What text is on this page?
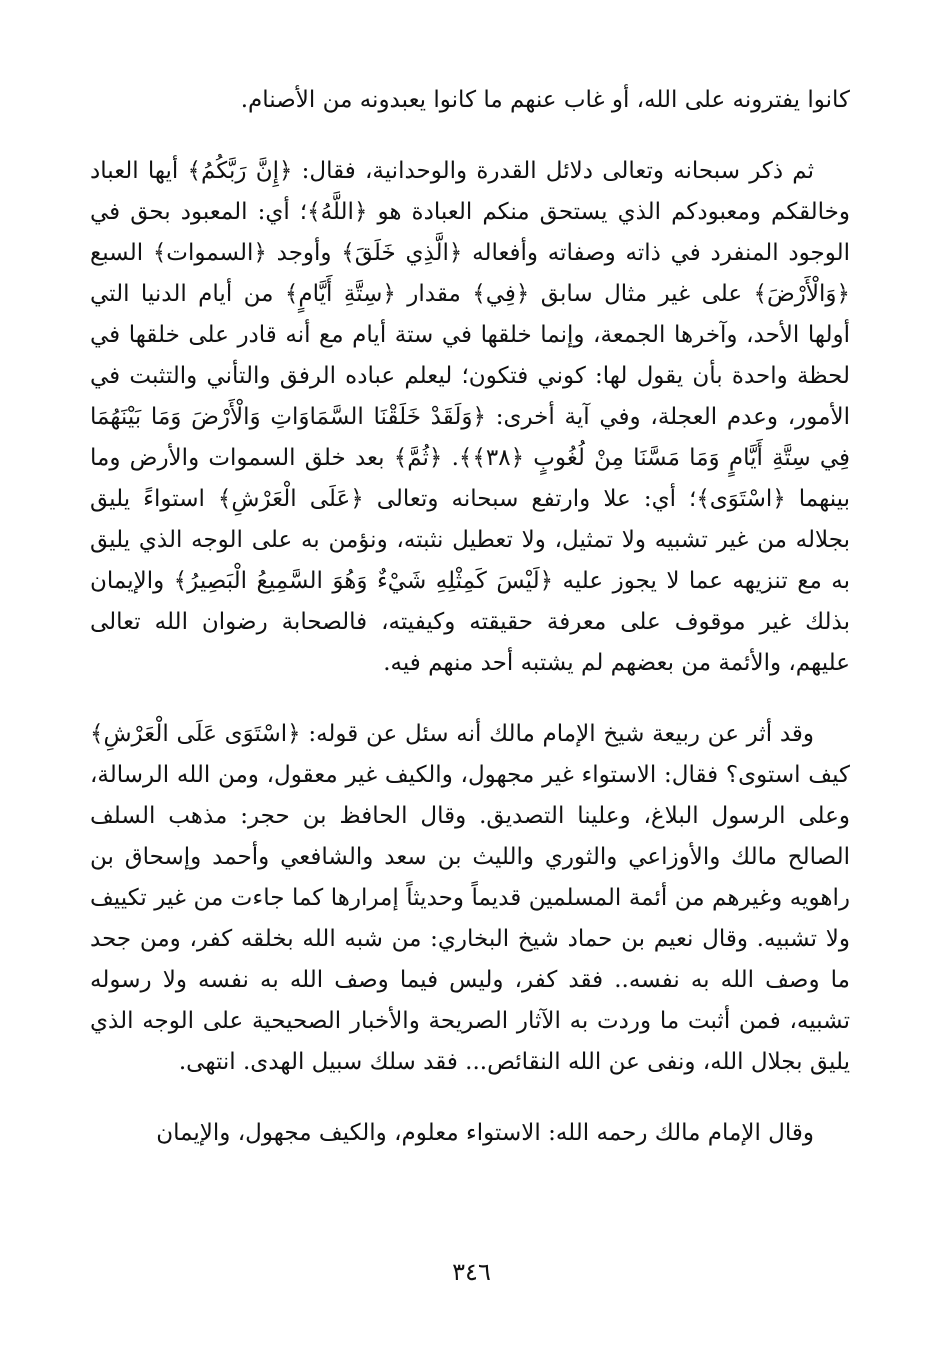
كانوا يفترونه على الله، أو غاب عنهم ما كانوا يعبدونه من الأصنام.

ثم ذكر سبحانه وتعالى دلائل القدرة والوحدانية، فقال: ﴿إِنَّ رَبَّكُمُ﴾ أيها العباد وخالقكم ومعبودكم الذي يستحق منكم العبادة هو ﴿اللَّهُ﴾؛ أي: المعبود بحق في الوجود المنفرد في ذاته وصفاته وأفعاله ﴿الَّذِي خَلَقَ﴾ وأوجد ﴿السموات﴾ السبع ﴿وَالْأَرْضَ﴾ على غير مثال سابق ﴿فِي﴾ مقدار ﴿سِتَّةِ أَيَّامٍ﴾ من أيام الدنيا التي أولها الأحد، وآخرها الجمعة، وإنما خلقها في ستة أيام مع أنه قادر على خلقها في لحظة واحدة بأن يقول لها: كوني فتكون؛ ليعلم عباده الرفق والتأني والتثبت في الأمور، وعدم العجلة، وفي آية أخرى: ﴿وَلَقَدْ خَلَقْنَا السَّمَاوَاتِ وَالْأَرْضَ وَمَا بَيْنَهُمَا فِي سِتَّةِ أَيَّامٍ وَمَا مَسَّنَا مِنْ لُغُوبٍ ﴿٣٨﴾﴾. ﴿ثُمَّ﴾ بعد خلق السموات والأرض وما بينهما ﴿اسْتَوَى﴾؛ أي: علا وارتفع سبحانه وتعالى ﴿عَلَى الْعَرْشِ﴾ استواءً يليق بجلاله من غير تشبيه ولا تمثيل، ولا تعطيل نثبته، ونؤمن به على الوجه الذي يليق به مع تنزيهه عما لا يجوز عليه ﴿لَيْسَ كَمِثْلِهِ شَيْءٌ وَهُوَ السَّمِيعُ الْبَصِيرُ﴾ والإيمان بذلك غير موقوف على معرفة حقيقته وكيفيته، فالصحابة رضوان الله تعالى عليهم، والأئمة من بعضهم لم يشتبه أحد منهم فيه.

وقد أثر عن ربيعة شيخ الإمام مالك أنه سئل عن قوله: ﴿اسْتَوَى عَلَى الْعَرْشِ﴾ كيف استوى؟ فقال: الاستواء غير مجهول، والكيف غير معقول، ومن الله الرسالة، وعلى الرسول البلاغ، وعلينا التصديق. وقال الحافظ بن حجر: مذهب السلف الصالح مالك والأوزاعي والثوري والليث بن سعد والشافعي وأحمد وإسحاق بن راهويه وغيرهم من أئمة المسلمين قديماً وحديثاً إمرارها كما جاءت من غير تكييف ولا تشبيه. وقال نعيم بن حماد شيخ البخاري: من شبه الله بخلقه كفر، ومن جحد ما وصف الله به نفسه.. فقد كفر، وليس فيما وصف الله به نفسه ولا رسوله تشبيه، فمن أثبت ما وردت به الآثار الصريحة والأخبار الصحيحية على الوجه الذي يليق بجلال الله، ونفى عن الله النقائص... فقد سلك سبيل الهدى. انتهى.

وقال الإمام مالك رحمه الله: الاستواء معلوم، والكيف مجهول، والإيمان

٣٤٦
